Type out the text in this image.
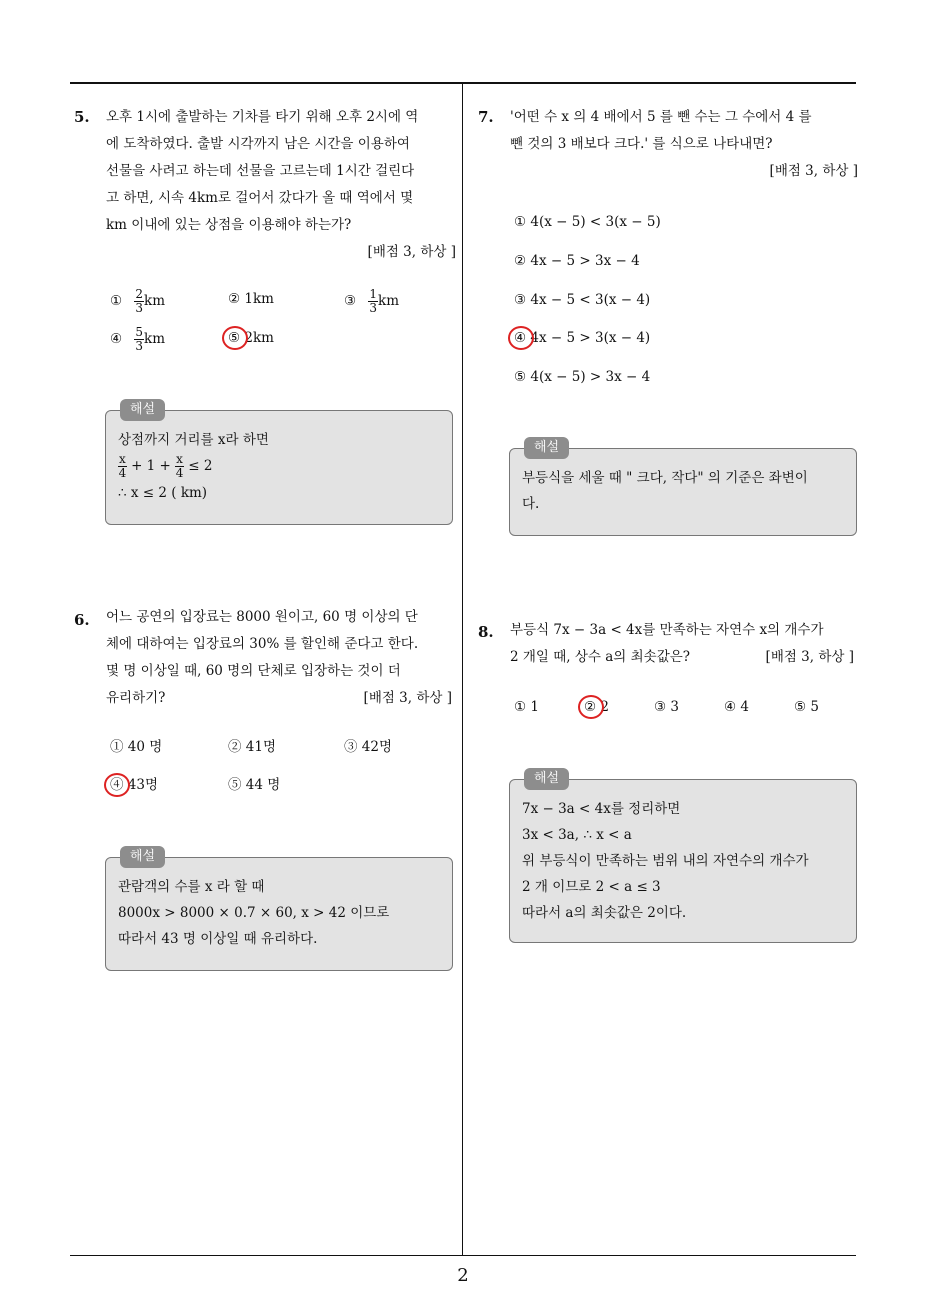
5. 오후 1시에 출발하는 기차를 타기 위해 오후 2시에 역
에 도착하였다. 출발 시각까지 남은 시간을 이용하여
선물을 사려고 하는데 선물을 고르는데 1시간 걸린다
고 하면, 시속 4km로 걸어서 갔다가 올 때 역에서 몇
km 이내에 있는 상점을 이용해야 하는가?
[배점 3, 하상 ]
① $\frac{2}{3}$ km	② 1km	③ $\frac{1}{3}$ km
④ $\frac{5}{3}$ km	⑤ 2km
해설
상점까지 거리를 x라 하면
$\frac{x}{4} + 1 + \frac{x}{4} \le 2$
∴ x ≤ 2 ( km)
6. 어느 공연의 입장료는 8000 원이고, 60 명 이상의 단
체에 대하여는 입장료의 30% 를 할인해 준다고 한다.
몇 명 이상일 때, 60 명의 단체로 입장하는 것이 더
유리하기?	[배점 3, 하상 ]
① 40 명	② 41명	③ 42명
④ 43명	⑤ 44 명
해설
관람객의 수를 x 라 할 때
8000x > 8000 × 0.7 × 60, x > 42 이므로
따라서 43 명 이상일 때 유리하다.
7. '어떤 수 x 의 4 배에서 5 를 뺀 수는 그 수에서 4 를
뺀 것의 3 배보다 크다.' 를 식으로 나타내면?
[배점 3, 하상 ]
① 4(x − 5) < 3(x − 5)
② 4x − 5 > 3x − 4
③ 4x − 5 < 3(x − 4)
④ 4x − 5 > 3(x − 4)
⑤ 4(x − 5) > 3x − 4
해설
부등식을 세울 때 " 크다, 작다" 의 기준은 좌변이
다.
8. 부등식 7x − 3a < 4x를 만족하는 자연수 x의 개수가
2 개일 때, 상수 a의 최솟값은?	[배점 3, 하상 ]
① 1	② 2	③ 3	④ 4	⑤ 5
해설
7x − 3a < 4x를 정리하면
3x < 3a, ∴ x < a
위 부등식이 만족하는 범위 내의 자연수의 개수가
2 개 이므로 2 < a ≤ 3
따라서 a의 최솟값은 2이다.
2
